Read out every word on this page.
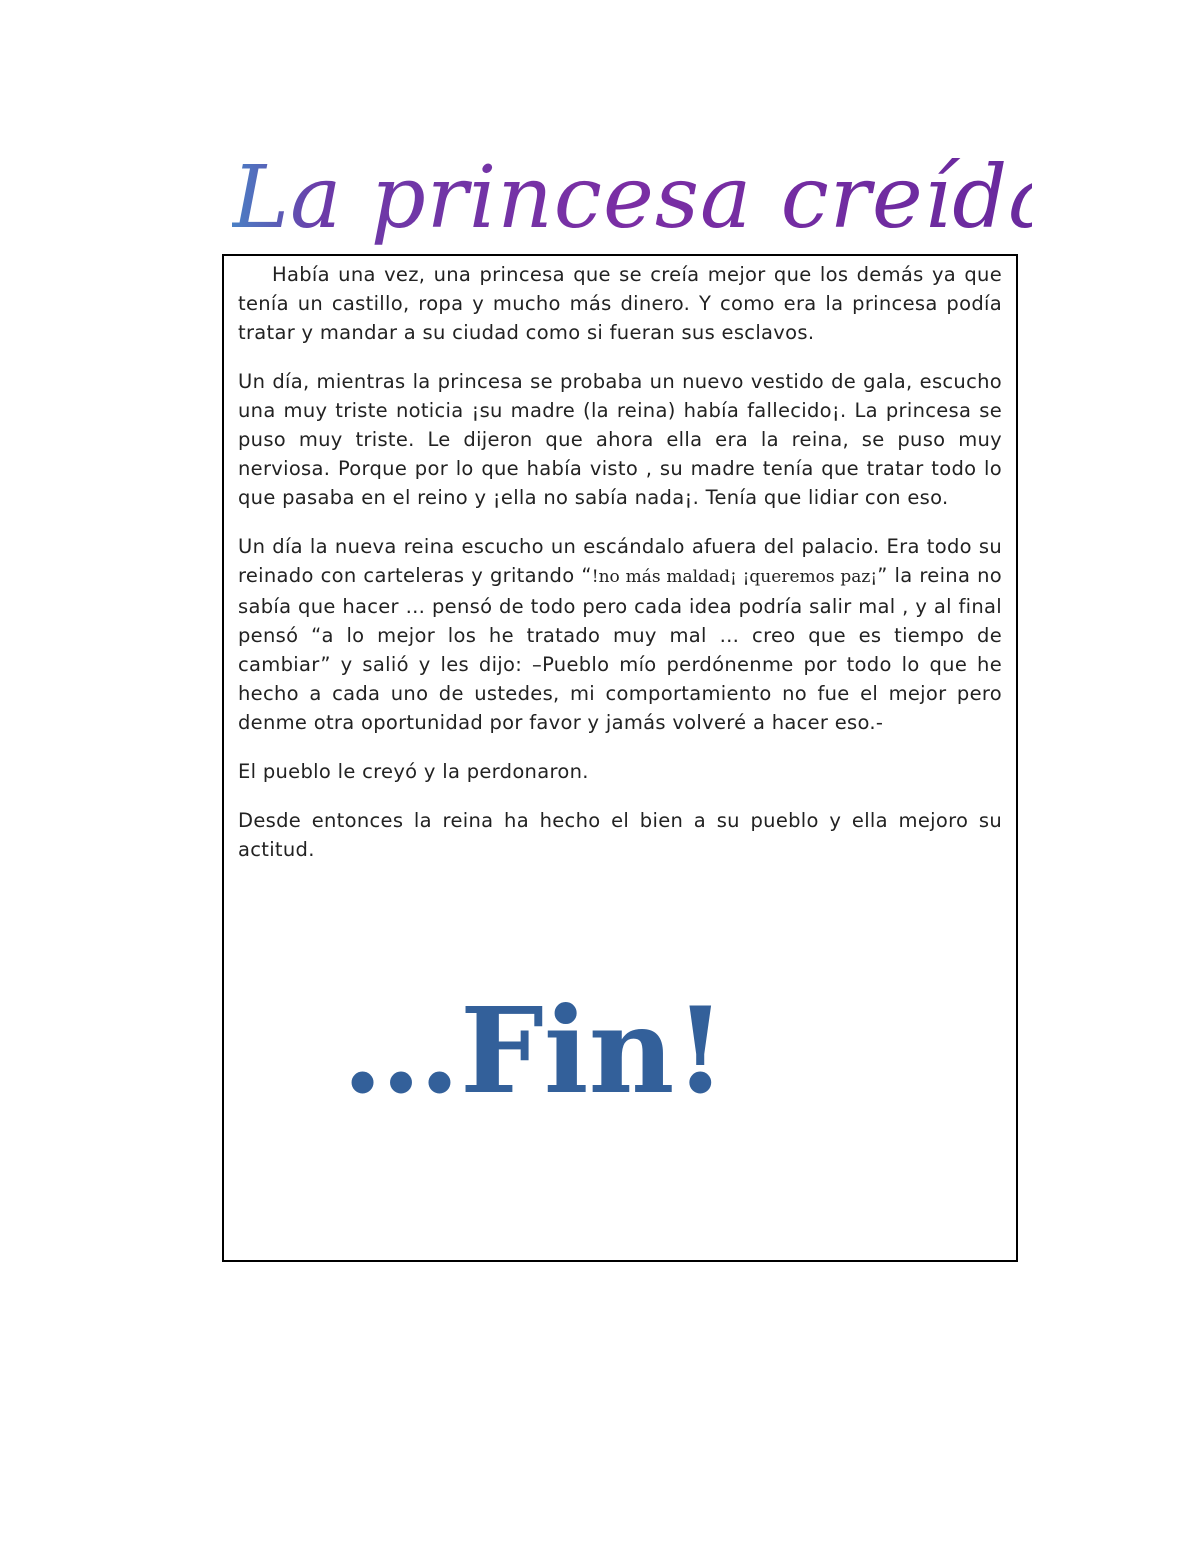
La princesa creída:

Había una vez, una princesa que se creía mejor que los demás ya que tenía un castillo, ropa y mucho más dinero. Y como era la princesa podía tratar y mandar a su ciudad como si fueran sus esclavos.

Un día, mientras la princesa se probaba un nuevo vestido de gala, escucho una muy triste noticia ¡su madre (la reina) había fallecido¡. La princesa se puso muy triste. Le dijeron que ahora ella era la reina, se puso muy nerviosa. Porque por lo que había visto , su madre tenía que tratar todo lo que pasaba en el reino y ¡ella no sabía nada¡. Tenía que lidiar con eso.

Un día la nueva reina escucho un escándalo afuera del palacio. Era todo su reinado con carteleras y gritando “!no más maldad¡ ¡queremos paz¡” la reina no sabía que hacer … pensó de todo pero cada idea podría salir mal , y al final pensó “a lo mejor los he tratado muy mal … creo que es tiempo de cambiar” y salió y les dijo: –Pueblo mío perdónenme por todo lo que he hecho a cada uno de ustedes, mi comportamiento no fue el mejor pero denme otra oportunidad por favor y jamás volveré a hacer eso.-

El pueblo le creyó y la perdonaron.

Desde entonces la reina ha hecho el bien a su pueblo y ella mejoro su actitud.

…Fin!
